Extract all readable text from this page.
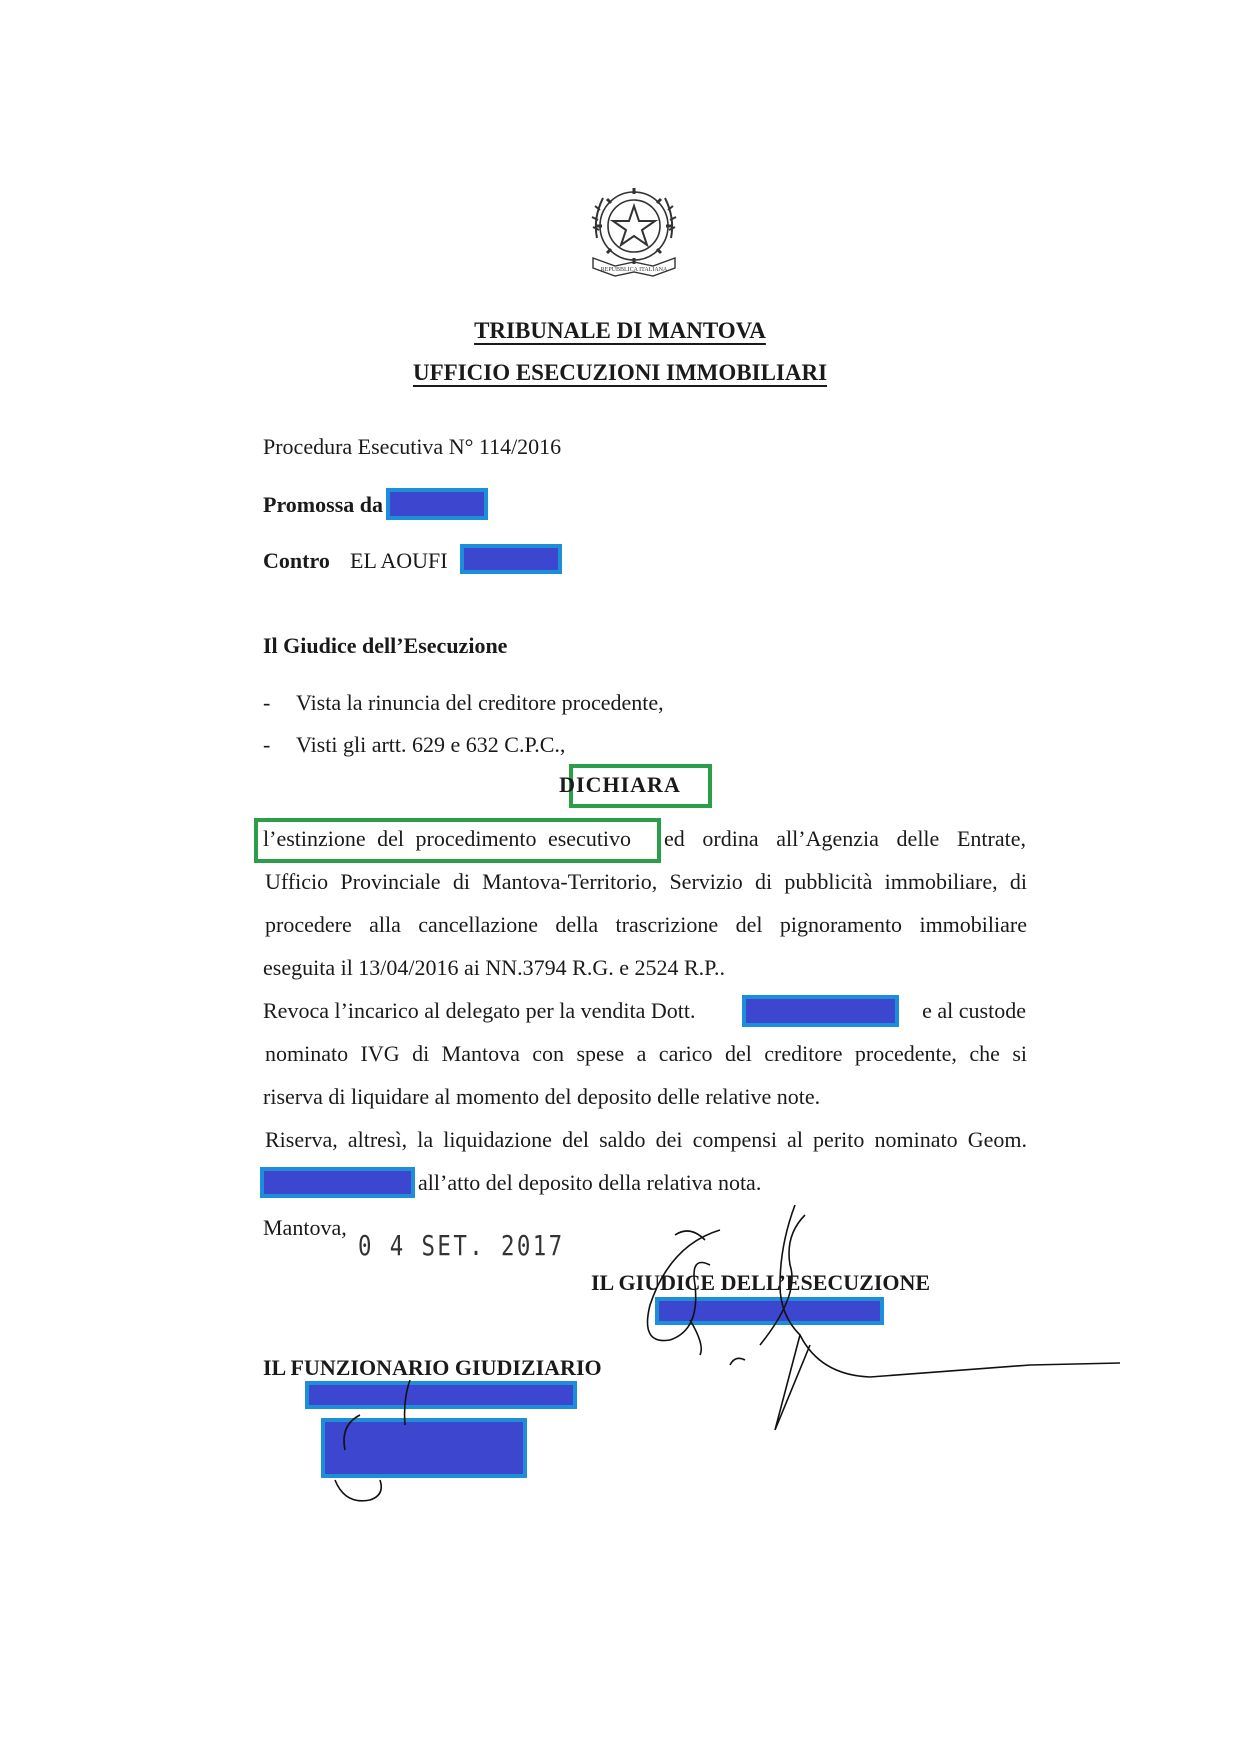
REPUBBLICA ITALIANA
TRIBUNALE DI MANTOVA
UFFICIO ESECUZIONI IMMOBILIARI
Procedura Esecutiva N° 114/2016
Promossa da
Contro EL AOUFI
Il Giudice dell’Esecuzione
- Vista la rinuncia del creditore procedente,
- Visti gli artt. 629 e 632 C.P.C.,
DICHIARA
l’estinzione del procedimento esecutivo ed ordina all’Agenzia delle Entrate,
Ufficio Provinciale di Mantova-Territorio, Servizio di pubblicità immobiliare, di
procedere alla cancellazione della trascrizione del pignoramento immobiliare
eseguita il 13/04/2016 ai NN.3794 R.G. e 2524 R.P..
Revoca l’incarico al delegato per la vendita Dott.	e al custode
nominato IVG di Mantova con spese a carico del creditore procedente, che si
riserva di liquidare al momento del deposito delle relative note.
Riserva, altresì, la liquidazione del saldo dei compensi al perito nominato Geom.
all’atto del deposito della relativa nota.
Mantova,
0 4 SET. 2017
IL GIUDICE DELL’ESECUZIONE
IL FUNZIONARIO GIUDIZIARIO
